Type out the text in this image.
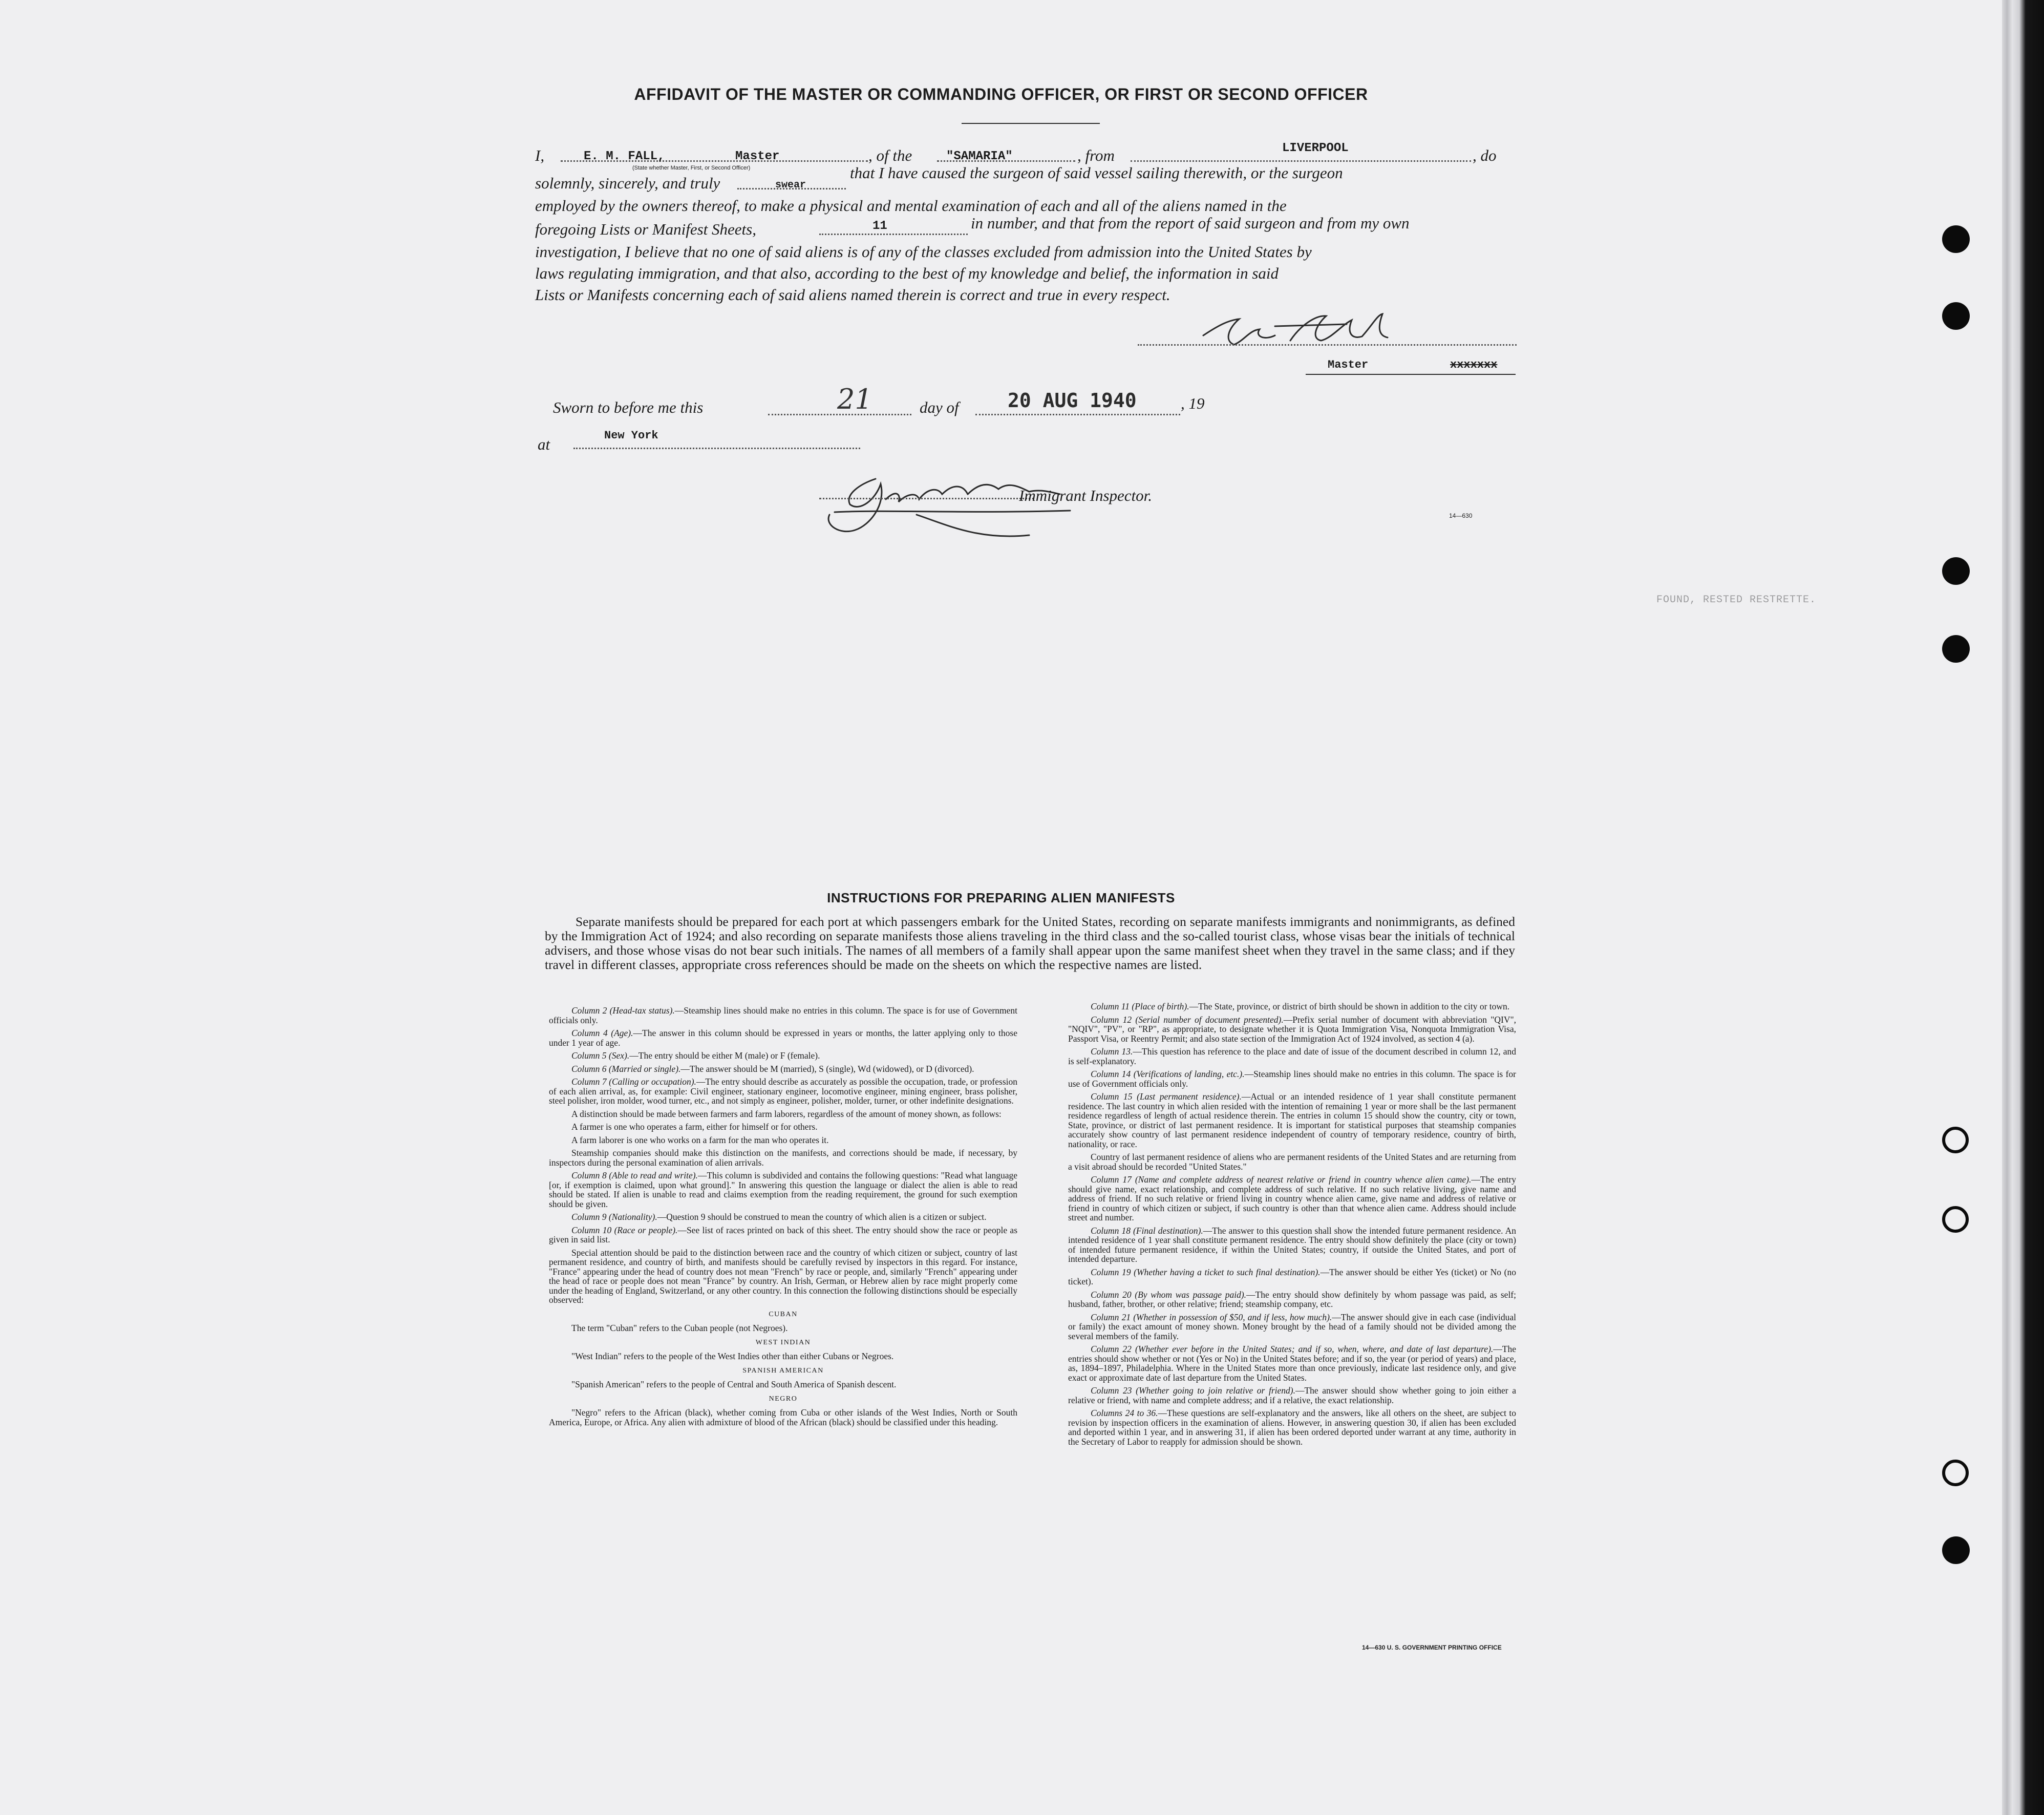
AFFIDAVIT OF THE MASTER OR COMMANDING OFFICER, OR FIRST OR SECOND OFFICER
I,	E. M. FALL,	Master
(State whether Master, First, or Second Officer)
, of the	"SAMARIA"	, from	LIVERPOOL	, do
solemnly, sincerely, and truly	swear
that I have caused the surgeon of said vessel sailing therewith, or the surgeon
employed by the owners thereof, to make a physical and mental examination of each and all of the aliens named in the
foregoing Lists or Manifest Sheets,	11	in number, and that from the report of said surgeon and from my own
investigation, I believe that no one of said aliens is of any of the classes excluded from admission into the United States by
laws regulating immigration, and that also, according to the best of my knowledge and belief, the information in said
Lists or Manifests concerning each of said aliens named therein is correct and true in every respect.
Master	xxxxxxx
Sworn to before me this	21	day of	20 AUG 1940	, 19
at	New York
Immigrant Inspector.
14—630
FOUND, RESTED RESTRETTE.
INSTRUCTIONS FOR PREPARING ALIEN MANIFESTS
Separate manifests should be prepared for each port at which passengers embark for the United States, recording on separate manifests immigrants and nonimmigrants, as defined by the Immigration Act of 1924; and also recording on separate manifests those aliens traveling in the third class and the so-called tourist class, whose visas bear the initials of technical advisers, and those whose visas do not bear such initials. The names of all members of a family shall appear upon the same manifest sheet when they travel in the same class; and if they travel in different classes, appropriate cross references should be made on the sheets on which the respective names are listed.

Column 2 (Head-tax status).—Steamship lines should make no entries in this column. The space is for use of Government officials only.

Column 4 (Age).—The answer in this column should be expressed in years or months, the latter applying only to those under 1 year of age.

Column 5 (Sex).—The entry should be either M (male) or F (female).

Column 6 (Married or single).—The answer should be M (married), S (single), Wd (widowed), or D (divorced).

Column 7 (Calling or occupation).—The entry should describe as accurately as possible the occupation, trade, or profession of each alien arrival, as, for example: Civil engineer, stationary engineer, locomotive engineer, mining engineer, brass polisher, steel polisher, iron molder, wood turner, etc., and not simply as engineer, polisher, molder, turner, or other indefinite designations.

A distinction should be made between farmers and farm laborers, regardless of the amount of money shown, as follows:

A farmer is one who operates a farm, either for himself or for others.

A farm laborer is one who works on a farm for the man who operates it.

Steamship companies should make this distinction on the manifests, and corrections should be made, if necessary, by inspectors during the personal examination of alien arrivals.

Column 8 (Able to read and write).—This column is subdivided and contains the following questions: "Read what language [or, if exemption is claimed, upon what ground]." In answering this question the language or dialect the alien is able to read should be stated. If alien is unable to read and claims exemption from the reading requirement, the ground for such exemption should be given.

Column 9 (Nationality).—Question 9 should be construed to mean the country of which alien is a citizen or subject.

Column 10 (Race or people).—See list of races printed on back of this sheet. The entry should show the race or people as given in said list.

Special attention should be paid to the distinction between race and the country of which citizen or subject, country of last permanent residence, and country of birth, and manifests should be carefully revised by inspectors in this regard. For instance, "France" appearing under the head of country does not mean "French" by race or people, and, similarly "French" appearing under the head of race or people does not mean "France" by country. An Irish, German, or Hebrew alien by race might properly come under the heading of England, Switzerland, or any other country. In this connection the following distinctions should be especially observed:

CUBAN

The term "Cuban" refers to the Cuban people (not Negroes).

WEST INDIAN

"West Indian" refers to the people of the West Indies other than either Cubans or Negroes.

SPANISH AMERICAN

"Spanish American" refers to the people of Central and South America of Spanish descent.

NEGRO

"Negro" refers to the African (black), whether coming from Cuba or other islands of the West Indies, North or South America, Europe, or Africa. Any alien with admixture of blood of the African (black) should be classified under this heading.

Column 11 (Place of birth).—The State, province, or district of birth should be shown in addition to the city or town.

Column 12 (Serial number of document presented).—Prefix serial number of document with abbreviation "QIV", "NQIV", "PV", or "RP", as appropriate, to designate whether it is Quota Immigration Visa, Nonquota Immigration Visa, Passport Visa, or Reentry Permit; and also state section of the Immigration Act of 1924 involved, as section 4 (a).

Column 13.—This question has reference to the place and date of issue of the document described in column 12, and is self-explanatory.

Column 14 (Verifications of landing, etc.).—Steamship lines should make no entries in this column. The space is for use of Government officials only.

Column 15 (Last permanent residence).—Actual or an intended residence of 1 year shall constitute permanent residence. The last country in which alien resided with the intention of remaining 1 year or more shall be the last permanent residence regardless of length of actual residence therein. The entries in column 15 should show the country, city or town, State, province, or district of last permanent residence. It is important for statistical purposes that steamship companies accurately show country of last permanent residence independent of country of temporary residence, country of birth, nationality, or race.

Country of last permanent residence of aliens who are permanent residents of the United States and are returning from a visit abroad should be recorded "United States."

Column 17 (Name and complete address of nearest relative or friend in country whence alien came).—The entry should give name, exact relationship, and complete address of such relative. If no such relative living, give name and address of friend. If no such relative or friend living in country whence alien came, give name and address of relative or friend in country of which citizen or subject, if such country is other than that whence alien came. Address should include street and number.

Column 18 (Final destination).—The answer to this question shall show the intended future permanent residence. An intended residence of 1 year shall constitute permanent residence. The entry should show definitely the place (city or town) of intended future permanent residence, if within the United States; country, if outside the United States, and port of intended departure.

Column 19 (Whether having a ticket to such final destination).—The answer should be either Yes (ticket) or No (no ticket).

Column 20 (By whom was passage paid).—The entry should show definitely by whom passage was paid, as self; husband, father, brother, or other relative; friend; steamship company, etc.

Column 21 (Whether in possession of $50, and if less, how much).—The answer should give in each case (individual or family) the exact amount of money shown. Money brought by the head of a family should not be divided among the several members of the family.

Column 22 (Whether ever before in the United States; and if so, when, where, and date of last departure).—The entries should show whether or not (Yes or No) in the United States before; and if so, the year (or period of years) and place, as, 1894–1897, Philadelphia. Where in the United States more than once previously, indicate last residence only, and give exact or approximate date of last departure from the United States.

Column 23 (Whether going to join relative or friend).—The answer should show whether going to join either a relative or friend, with name and complete address; and if a relative, the exact relationship.

Columns 24 to 36.—These questions are self-explanatory and the answers, like all others on the sheet, are subject to revision by inspection officers in the examination of aliens. However, in answering question 30, if alien has been excluded and deported within 1 year, and in answering 31, if alien has been ordered deported under warrant at any time, authority in the Secretary of Labor to reapply for admission should be shown.

14—630 U. S. GOVERNMENT PRINTING OFFICE
